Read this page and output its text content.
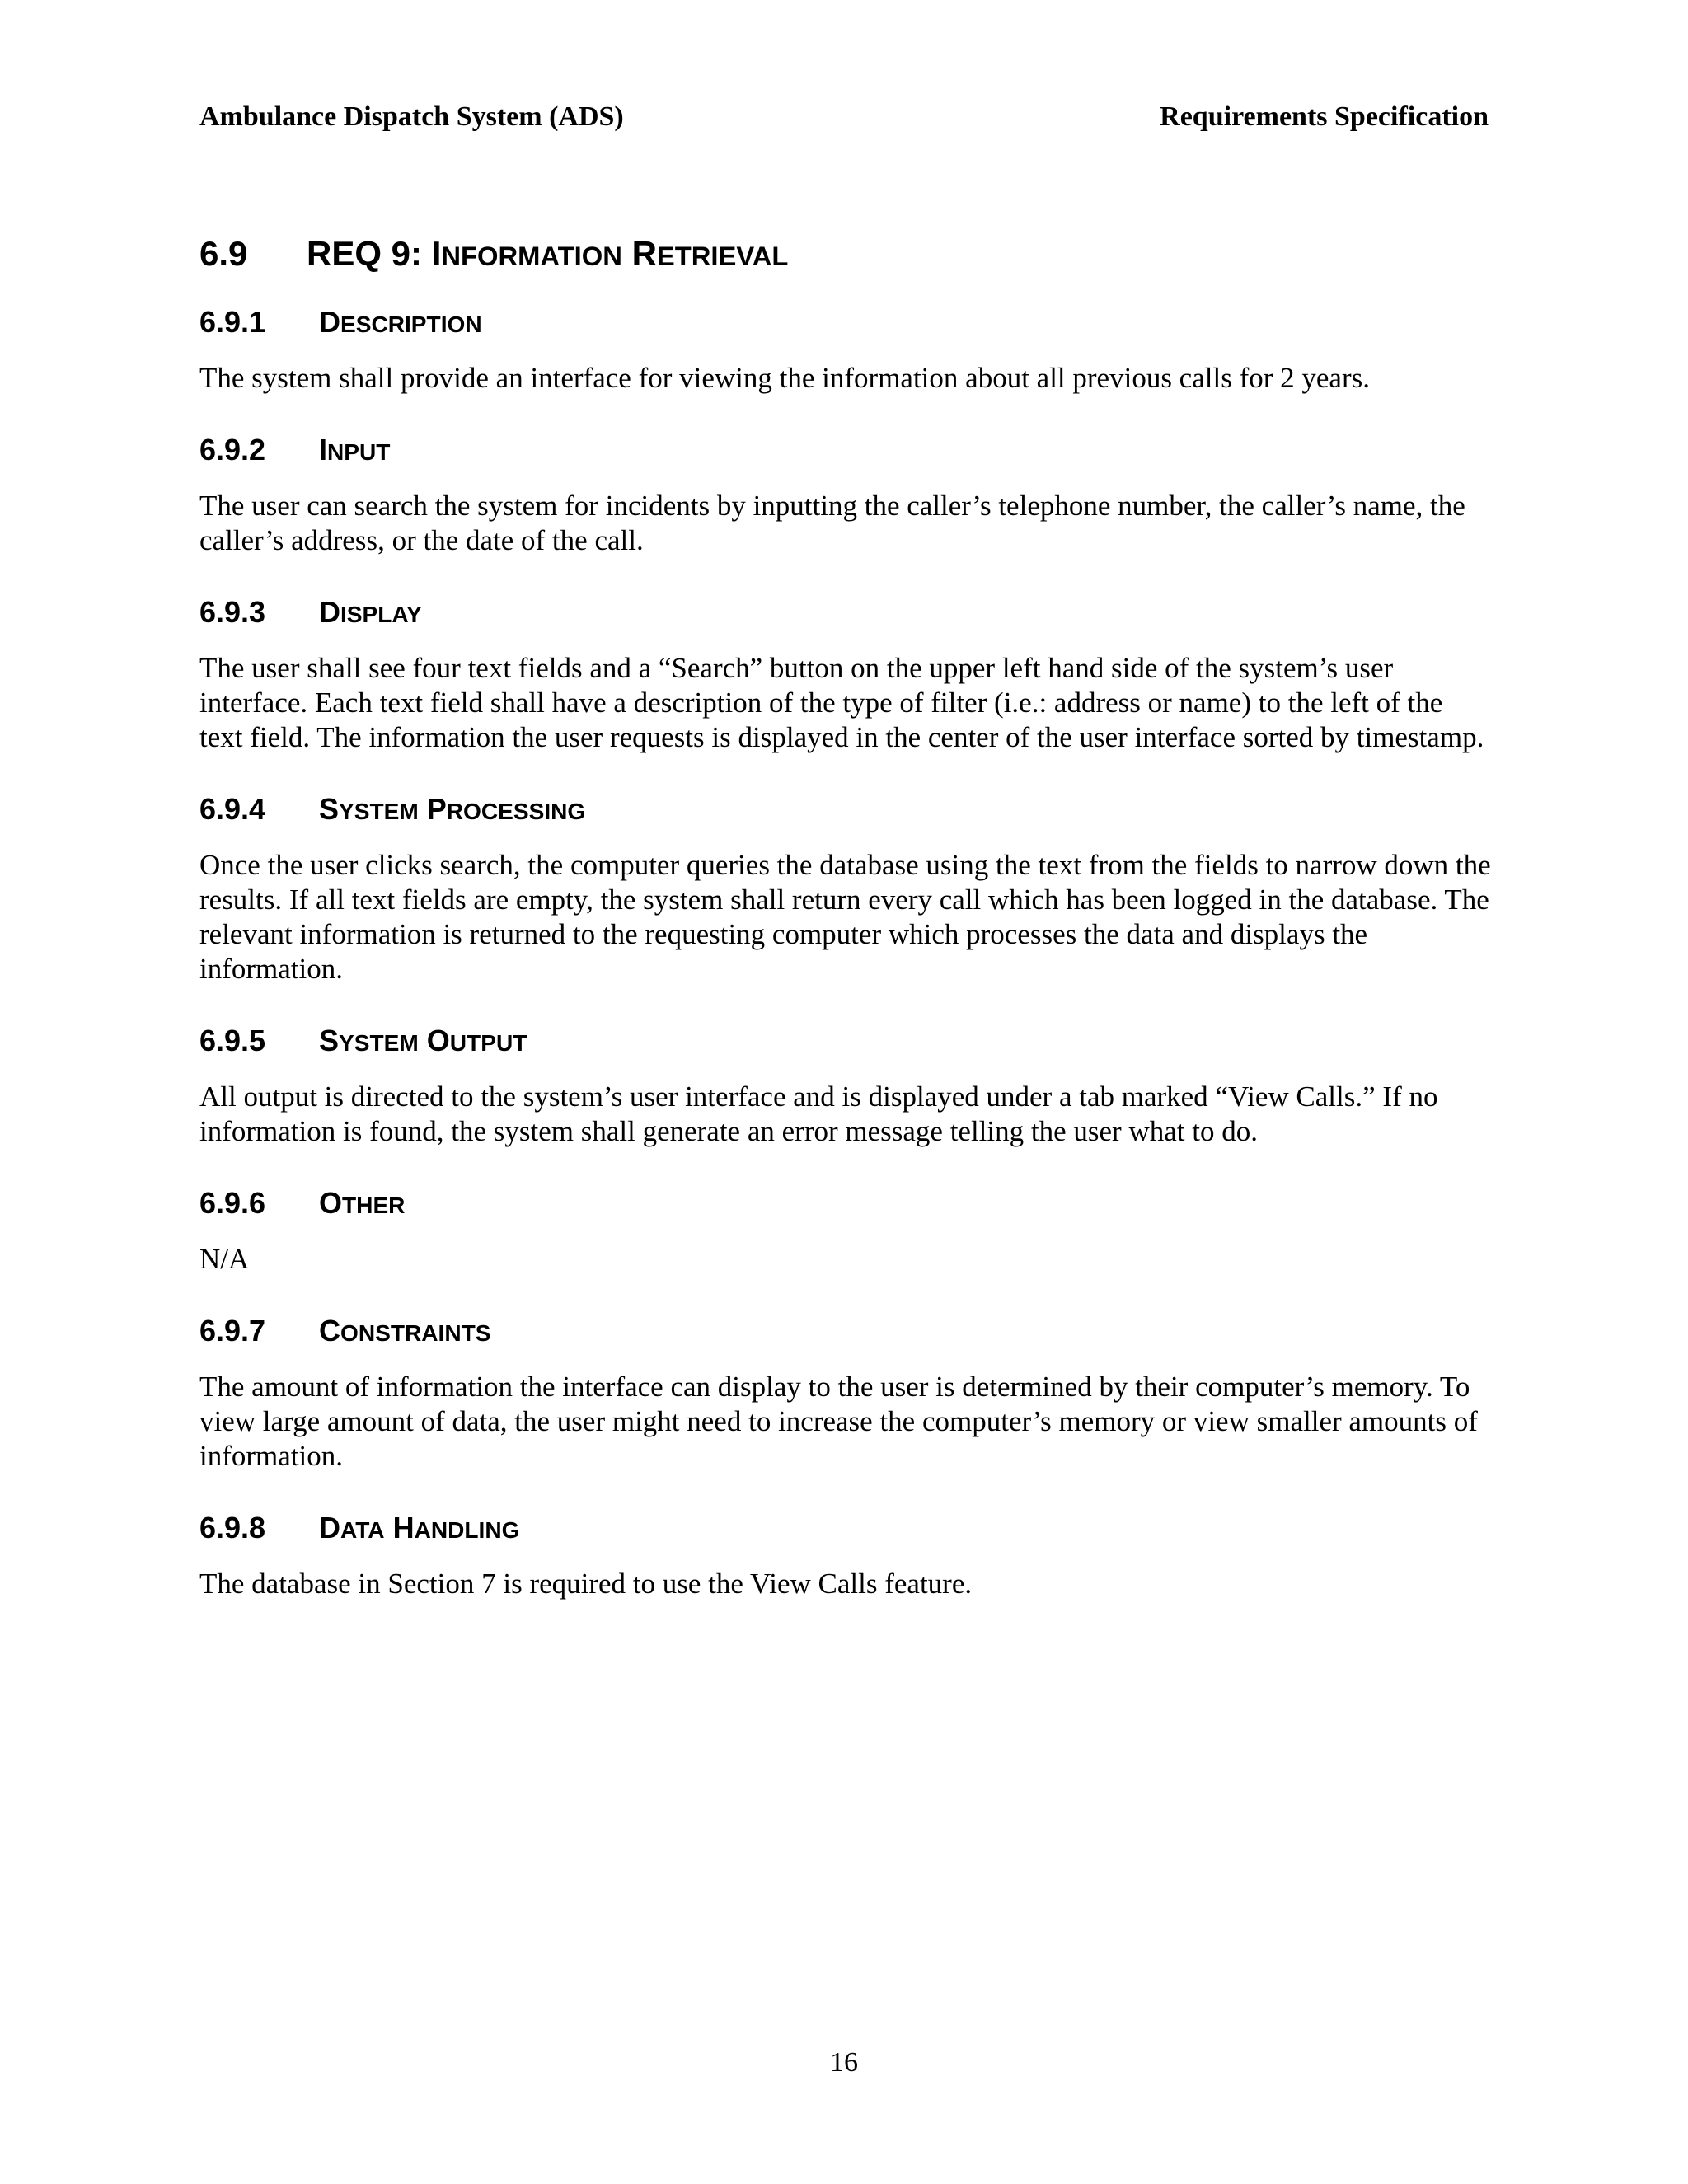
Ambulance Dispatch System (ADS)	Requirements Specification
6.9	REQ 9: INFORMATION RETRIEVAL
6.9.1	DESCRIPTION

The system shall provide an interface for viewing the information about all previous calls for 2 years.

6.9.2	INPUT

The user can search the system for incidents by inputting the caller’s telephone number, the caller’s name, the caller’s address, or the date of the call.

6.9.3	DISPLAY

The user shall see four text fields and a “Search” button on the upper left hand side of the system’s user interface. Each text field shall have a description of the type of filter (i.e.: address or name) to the left of the text field. The information the user requests is displayed in the center of the user interface sorted by timestamp.

6.9.4	SYSTEM PROCESSING

Once the user clicks search, the computer queries the database using the text from the fields to narrow down the results. If all text fields are empty, the system shall return every call which has been logged in the database. The relevant information is returned to the requesting computer which processes the data and displays the information.

6.9.5	SYSTEM OUTPUT

All output is directed to the system’s user interface and is displayed under a tab marked “View Calls.” If no information is found, the system shall generate an error message telling the user what to do.

6.9.6	OTHER

N/A

6.9.7	CONSTRAINTS

The amount of information the interface can display to the user is determined by their computer’s memory. To view large amount of data, the user might need to increase the computer’s memory or view smaller amounts of information.

6.9.8	DATA HANDLING

The database in Section 7 is required to use the View Calls feature.

16
